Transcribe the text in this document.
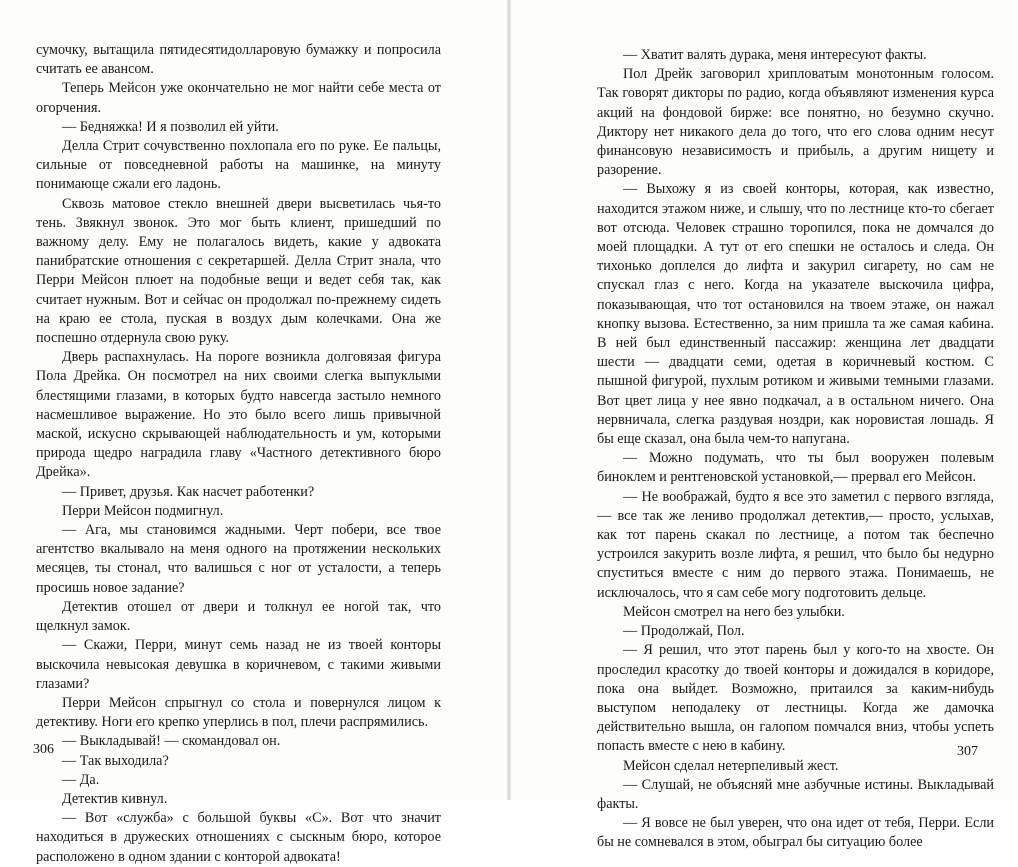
сумочку, вытащила пятидесятидолларовую бумажку и попросила считать ее авансом.

Теперь Мейсон уже окончательно не мог найти себе места от огорчения.

— Бедняжка! И я позволил ей уйти.

Делла Стрит сочувственно похлопала его по руке. Ее пальцы, сильные от повседневной работы на машинке, на минуту понимающе сжали его ладонь.

Сквозь матовое стекло внешней двери высветилась чья-то тень. Звякнул звонок. Это мог быть клиент, пришедший по важному делу. Ему не полагалось видеть, какие у адвоката панибратские отношения с секретаршей. Делла Стрит знала, что Перри Мейсон плюет на подобные вещи и ведет себя так, как считает нужным. Вот и сейчас он продолжал по-прежнему сидеть на краю ее стола, пуская в воздух дым колечками. Она же поспешно отдернула свою руку.

Дверь распахнулась. На пороге возникла долговязая фигура Пола Дрейка. Он посмотрел на них своими слегка выпуклыми блестящими глазами, в которых будто навсегда застыло немного насмешливое выражение. Но это было всего лишь привычной маской, искусно скрывающей наблюдательность и ум, которыми природа щедро наградила главу «Частного детективного бюро Дрейка».

— Привет, друзья. Как насчет работенки?

Перри Мейсон подмигнул.

— Ага, мы становимся жадными. Черт побери, все твое агентство вкалывало на меня одного на протяжении нескольких месяцев, ты стонал, что валишься с ног от усталости, а теперь просишь новое задание?

Детектив отошел от двери и толкнул ее ногой так, что щелкнул замок.

— Скажи, Перри, минут семь назад не из твоей конторы выскочила невысокая девушка в коричневом, с такими живыми глазами?

Перри Мейсон спрыгнул со стола и повернулся лицом к детективу. Ноги его крепко уперлись в пол, плечи распрямились.

— Выкладывай! — скомандовал он.

— Так выходила?

— Да.

Детектив кивнул.

— Вот «служба» с большой буквы «С». Вот что значит находиться в дружеских отношениях с сыскным бюро, которое расположено в одном здании с конторой адвоката!

306

— Хватит валять дурака, меня интересуют факты.

Пол Дрейк заговорил хрипловатым монотонным голосом. Так говорят дикторы по радио, когда объявляют изменения курса акций на фондовой бирже: все понятно, но безумно скучно. Диктору нет никакого дела до того, что его слова одним несут финансовую независимость и прибыль, а другим нищету и разорение.

— Выхожу я из своей конторы, которая, как известно, находится этажом ниже, и слышу, что по лестнице кто-то сбегает вот отсюда. Человек страшно торопился, пока не домчался до моей площадки. А тут от его спешки не осталось и следа. Он тихонько доплелся до лифта и закурил сигарету, но сам не спускал глаз с него. Когда на указателе выскочила цифра, показывающая, что тот остановился на твоем этаже, он нажал кнопку вызова. Естественно, за ним пришла та же самая кабина. В ней был единственный пассажир: женщина лет двадцати шести — двадцати семи, одетая в коричневый костюм. С пышной фигурой, пухлым ротиком и живыми темными глазами. Вот цвет лица у нее явно подкачал, а в остальном ничего. Она нервничала, слегка раздувая ноздри, как норовистая лошадь. Я бы еще сказал, она была чем-то напугана.

— Можно подумать, что ты был вооружен полевым биноклем и рентгеновской установкой,— прервал его Мейсон.

— Не воображай, будто я все это заметил с первого взгляда,— все так же лениво продолжал детектив,— просто, услыхав, как тот парень скакал по лестнице, а потом так беспечно устроился закурить возле лифта, я решил, что было бы недурно спуститься вместе с ним до первого этажа. Понимаешь, не исключалось, что я сам себе могу подготовить дельце.

Мейсон смотрел на него без улыбки.

— Продолжай, Пол.

— Я решил, что этот парень был у кого-то на хвосте. Он проследил красотку до твоей конторы и дожидался в коридоре, пока она выйдет. Возможно, притаился за каким-нибудь выступом неподалеку от лестницы. Когда же дамочка действительно вышла, он галопом помчался вниз, чтобы успеть попасть вместе с нею в кабину.

Мейсон сделал нетерпеливый жест.

— Слушай, не объясняй мне азбучные истины. Выкладывай факты.

— Я вовсе не был уверен, что она идет от тебя, Перри. Если бы не сомневался в этом, обыграл бы ситуацию более

307
